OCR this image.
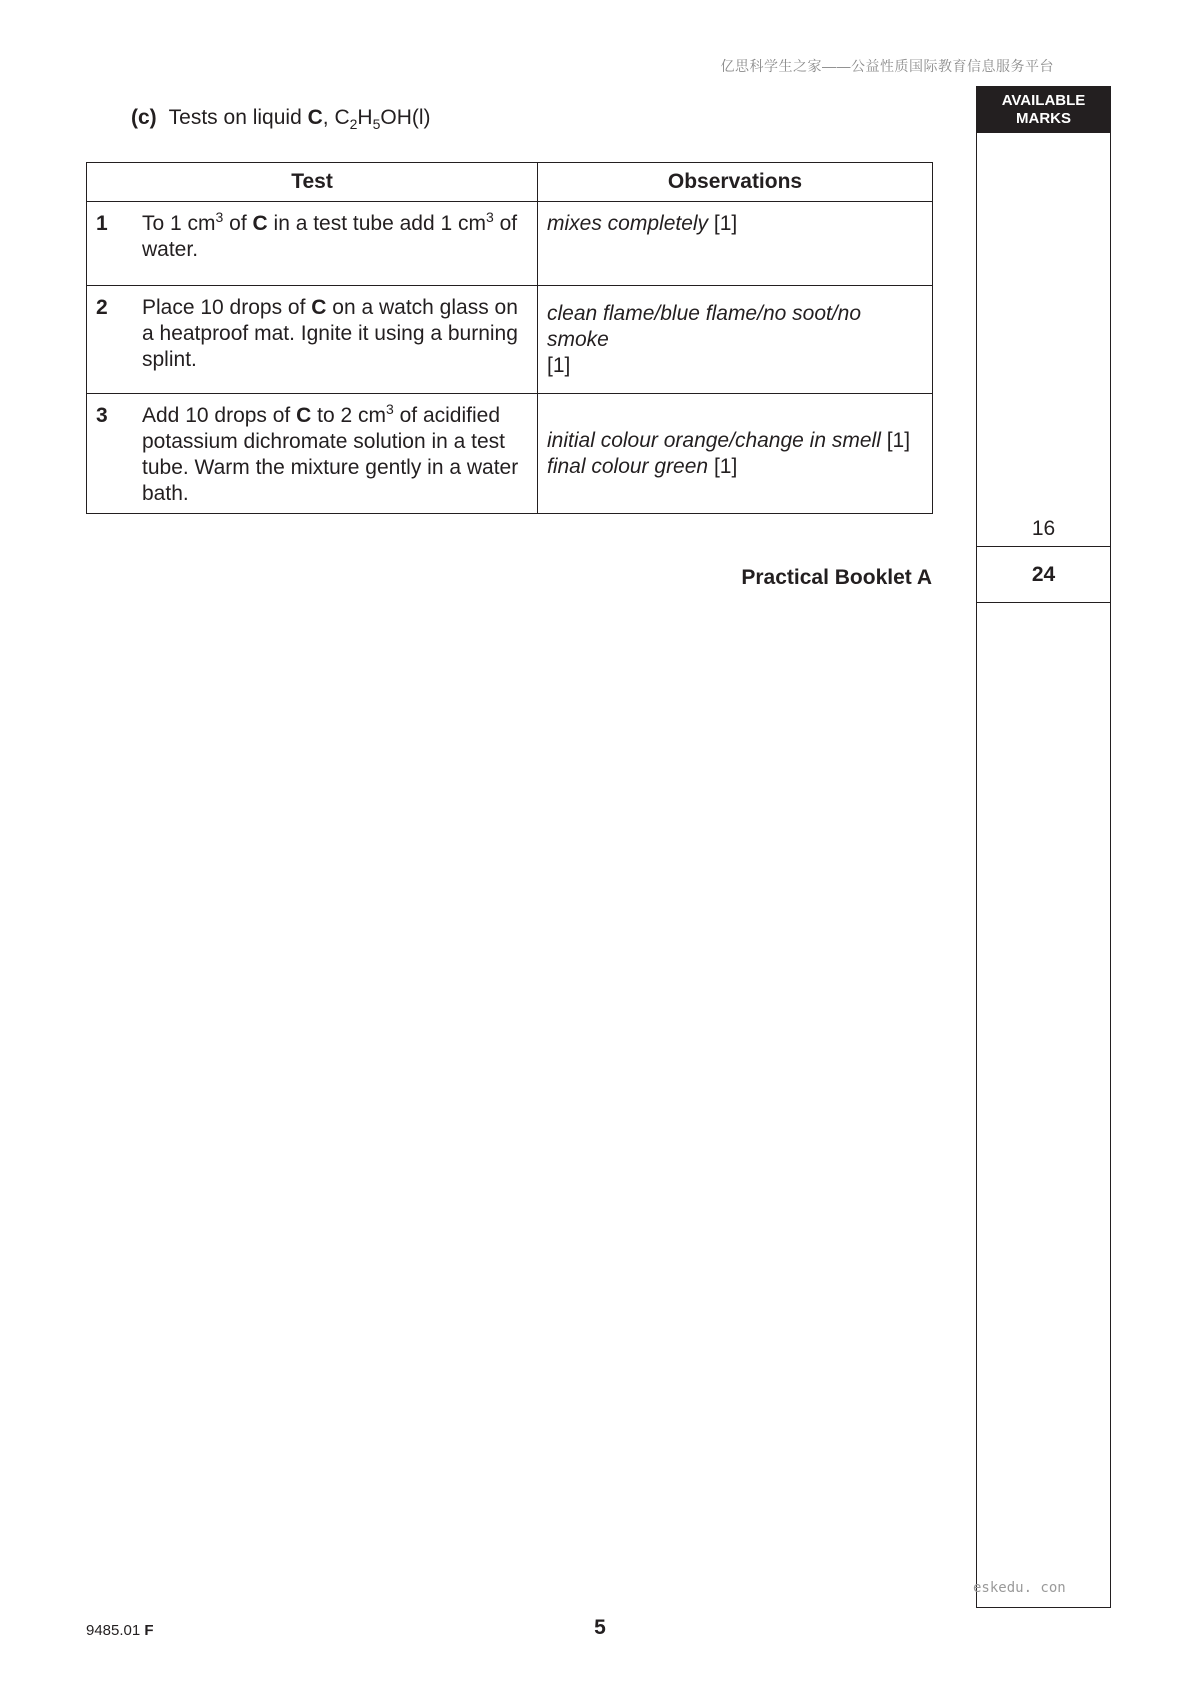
亿思科学生之家——公益性质国际教育信息服务平台
(c) Tests on liquid C, $C_2H_5OH(l)$
Test	Observations

1 To 1 $cm^3$ of C in a test tube add 1 $cm^3$ of water.	mixes completely [1]

2 Place 10 drops of C on a watch glass on a heatproof mat. Ignite it using a burning splint.	clean flame/blue flame/no soot/no smoke
[1]

3 Add 10 drops of C to 2 $cm^3$ of acidified potassium dichromate solution in a test tube. Warm the mixture gently in a water bath.	initial colour orange/change in smell [1]
final colour green [1]
Practical Booklet A
AVAILABLE
MARKS
16
24
eskedu. con
9485.01 F	5
